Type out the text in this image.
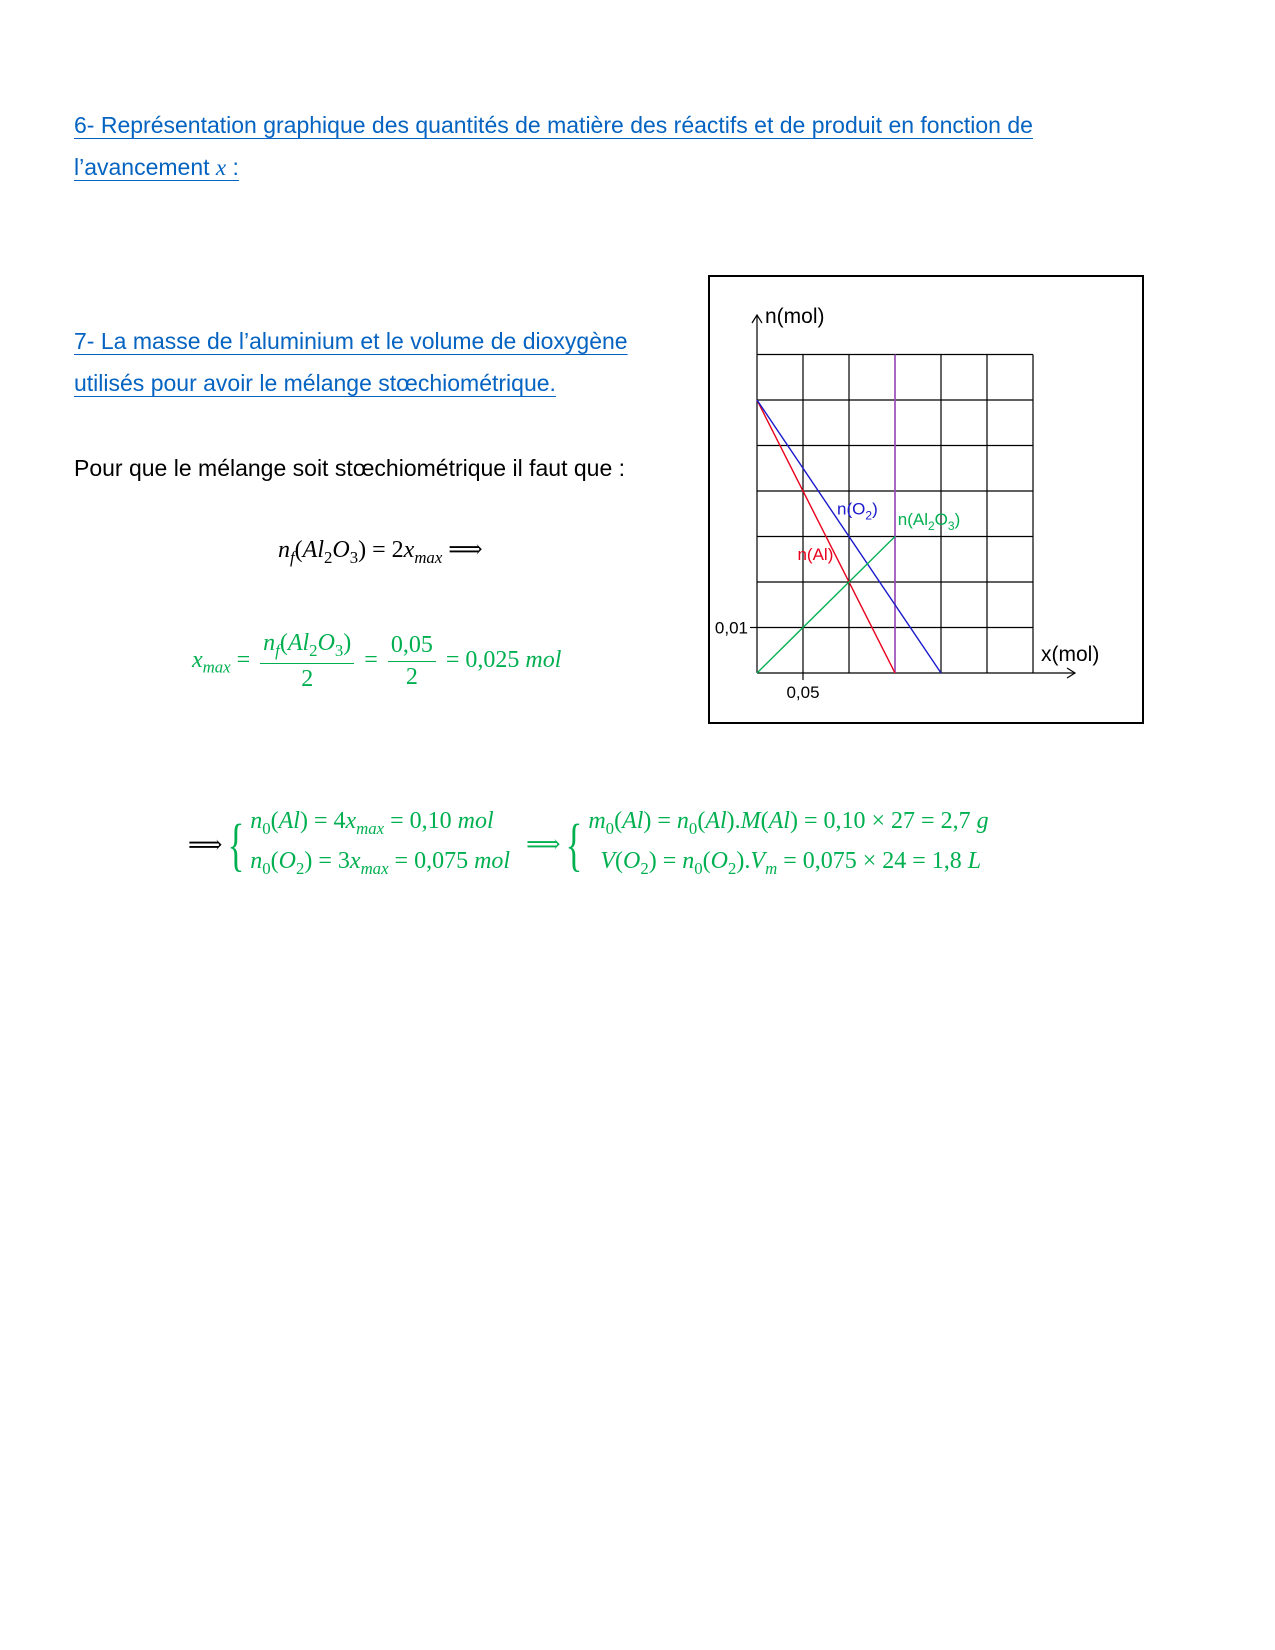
6- Représentation graphique des quantités de matière des réactifs et de produit en fonction de
l’avancement x :
7- La masse de l’aluminium et le volume de dioxygène
utilisés pour avoir le mélange stœchiométrique.
Pour que le mélange soit stœchiométrique il faut que :
$n_f(Al_2O_3) = 2x_{max}$ ⟹
$x_{max} = \frac{n_f(Al_2O_3)}{2} = \frac{0,05}{2} = 0,025$ mol
⟹{ $n_0(Al) = 4x_{max} = 0,10$ mol
$n_0(O_2) = 3x_{max} = 0,075$ mol⟹{ $m_0(Al) = n_0(Al).M(Al) = 0,10 \times 27 = 2,7$ g
$V(O_2) = n_0(O_2).V_m = 0,075 \times 24 = 1,8$ L
n(mol)
x(mol)
0,05
0,01
n(Al)
$n(O_2)$
$n(Al_2O_3)$
